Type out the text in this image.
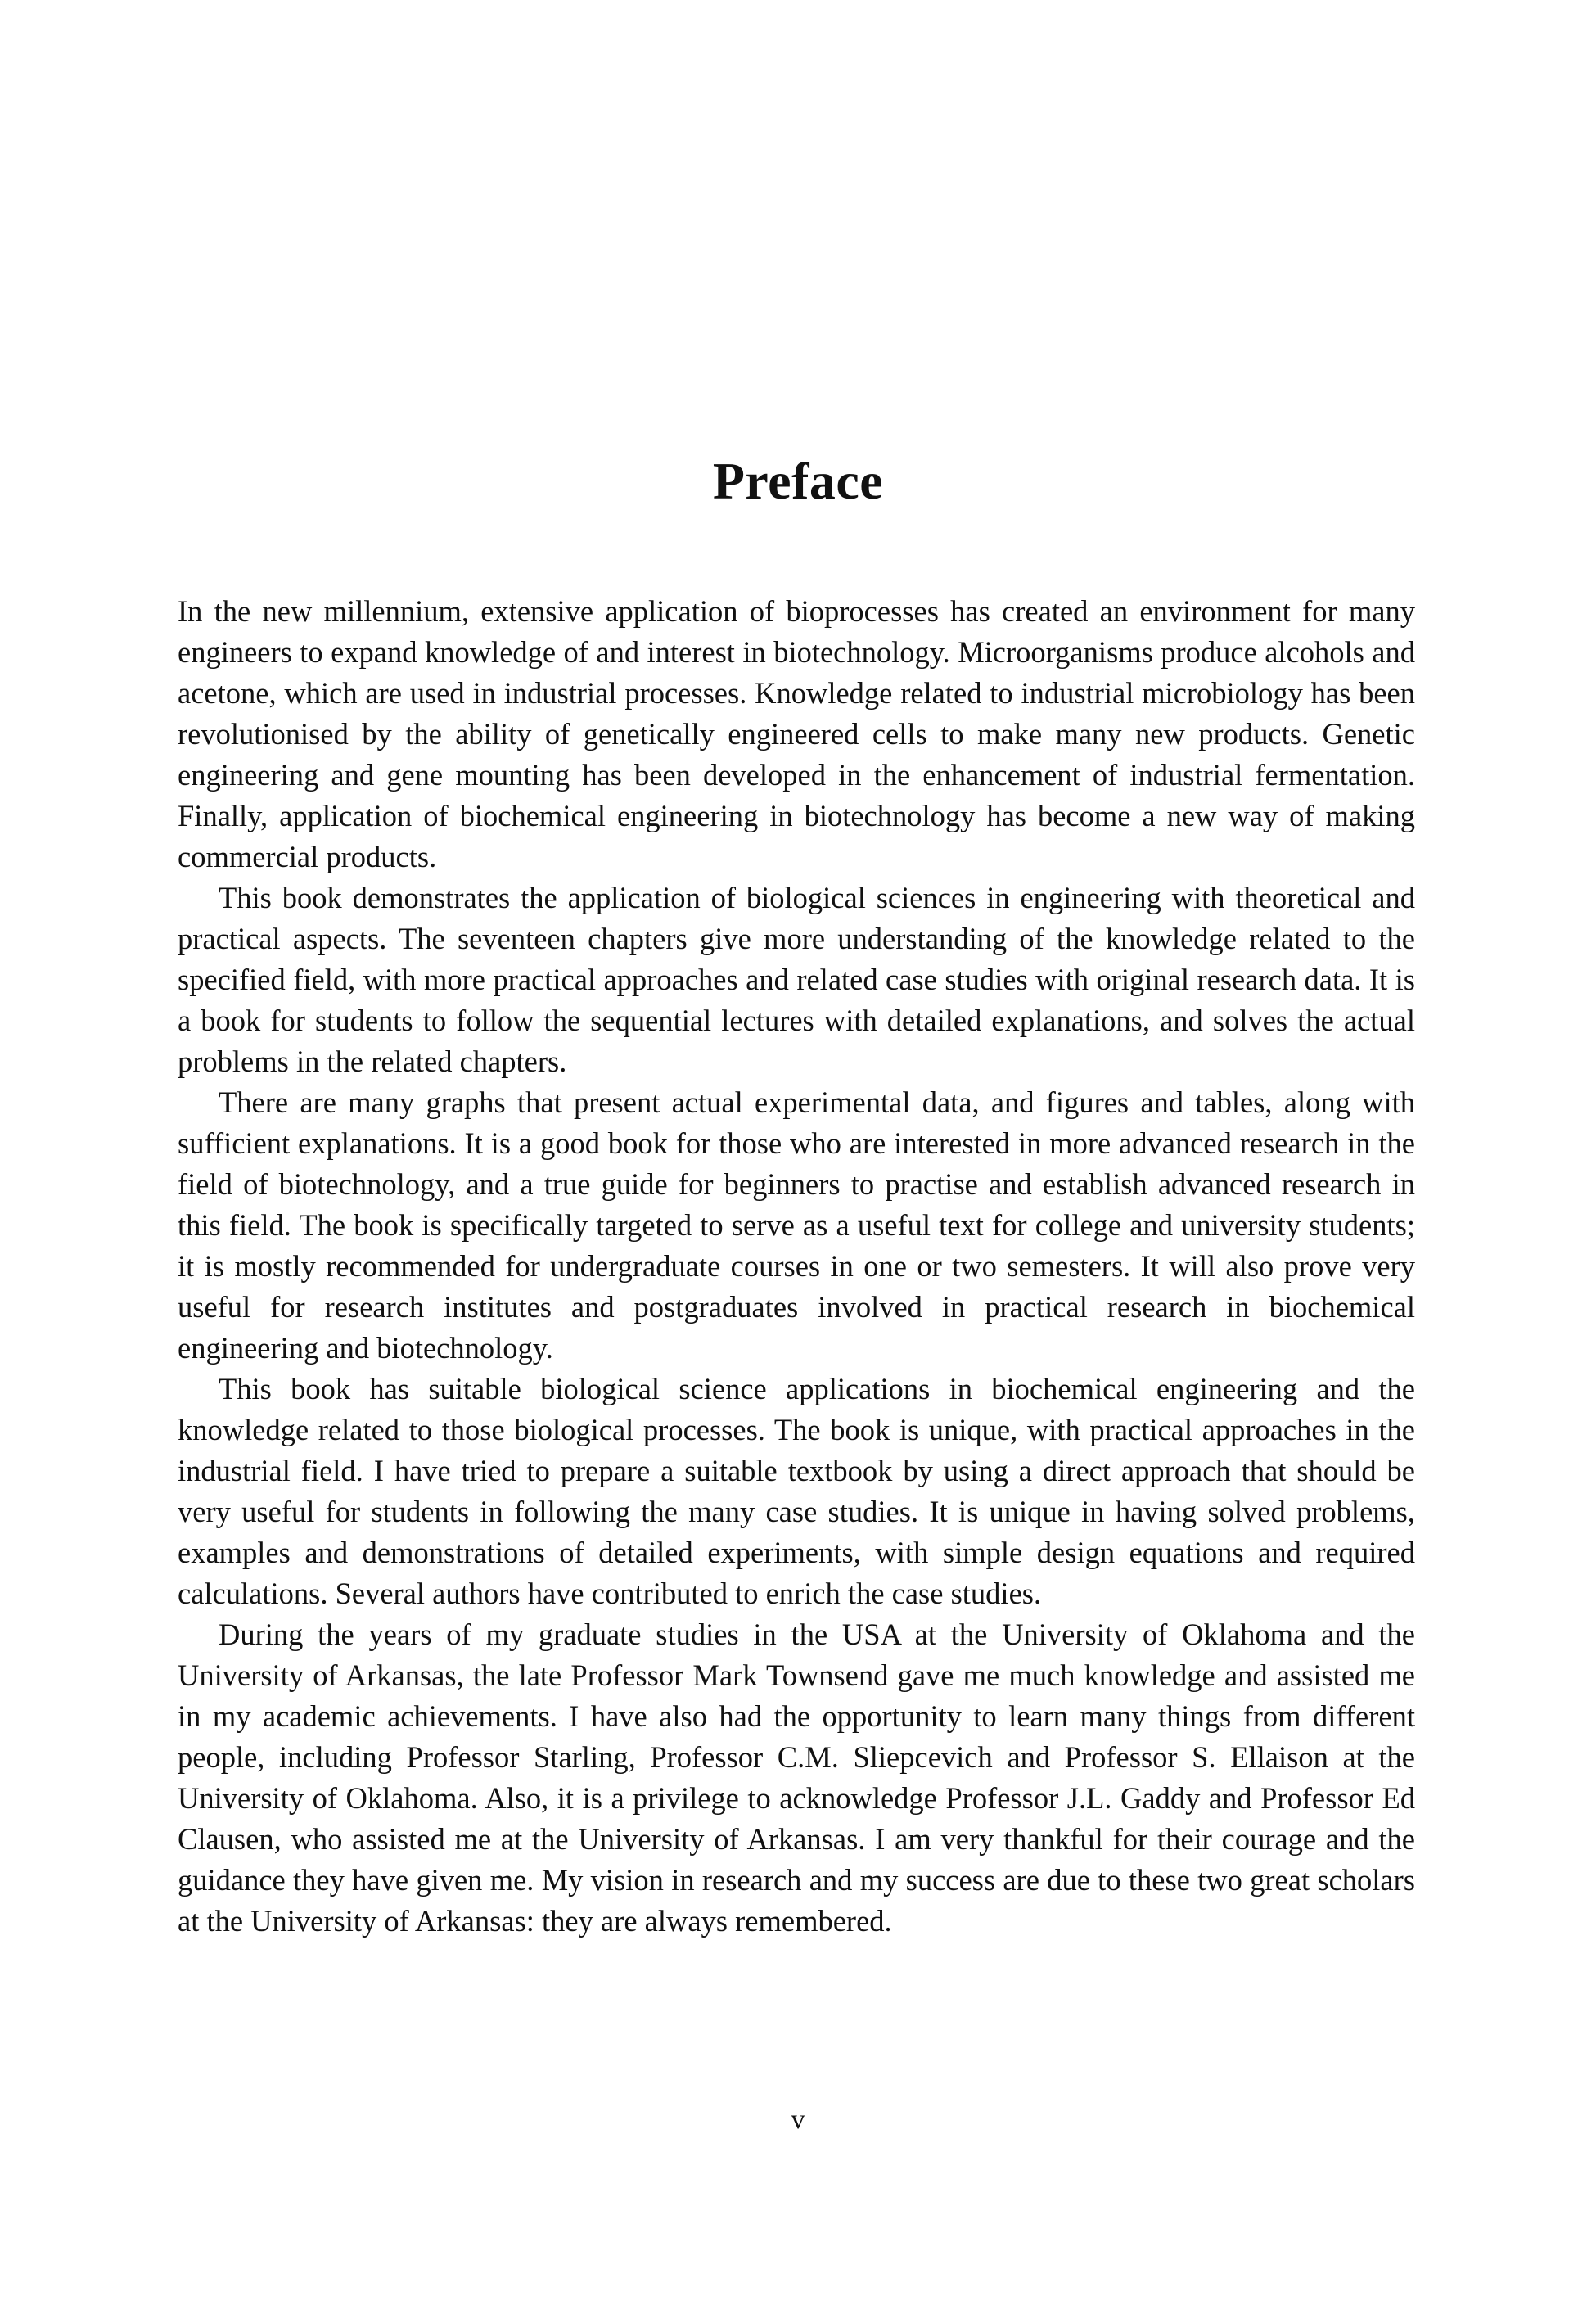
Preface

In the new millennium, extensive application of bioprocesses has created an environment for many engineers to expand knowledge of and interest in biotechnology. Microorganisms produce alcohols and acetone, which are used in industrial processes. Knowledge related to industrial microbiology has been revolutionised by the ability of genetically engineered cells to make many new products. Genetic engineering and gene mounting has been developed in the enhancement of industrial fermentation. Finally, application of biochemical engineering in biotechnology has become a new way of making commercial products.

This book demonstrates the application of biological sciences in engineering with theoretical and practical aspects. The seventeen chapters give more understanding of the knowledge related to the specified field, with more practical approaches and related case studies with original research data. It is a book for students to follow the sequential lectures with detailed explanations, and solves the actual problems in the related chapters.

There are many graphs that present actual experimental data, and figures and tables, along with sufficient explanations. It is a good book for those who are interested in more advanced research in the field of biotechnology, and a true guide for beginners to practise and establish advanced research in this field. The book is specifically targeted to serve as a useful text for college and university students; it is mostly recommended for undergraduate courses in one or two semesters. It will also prove very useful for research institutes and postgraduates involved in practical research in biochemical engineering and biotechnology.

This book has suitable biological science applications in biochemical engineering and the knowledge related to those biological processes. The book is unique, with practical approaches in the industrial field. I have tried to prepare a suitable textbook by using a direct approach that should be very useful for students in following the many case studies. It is unique in having solved problems, examples and demonstrations of detailed experiments, with simple design equations and required calculations. Several authors have contributed to enrich the case studies.

During the years of my graduate studies in the USA at the University of Oklahoma and the University of Arkansas, the late Professor Mark Townsend gave me much knowledge and assisted me in my academic achievements. I have also had the opportunity to learn many things from different people, including Professor Starling, Professor C.M. Sliepcevich and Professor S. Ellaison at the University of Oklahoma. Also, it is a privilege to acknowledge Professor J.L. Gaddy and Professor Ed Clausen, who assisted me at the University of Arkansas. I am very thankful for their courage and the guidance they have given me. My vision in research and my success are due to these two great scholars at the University of Arkansas: they are always remembered.

v
